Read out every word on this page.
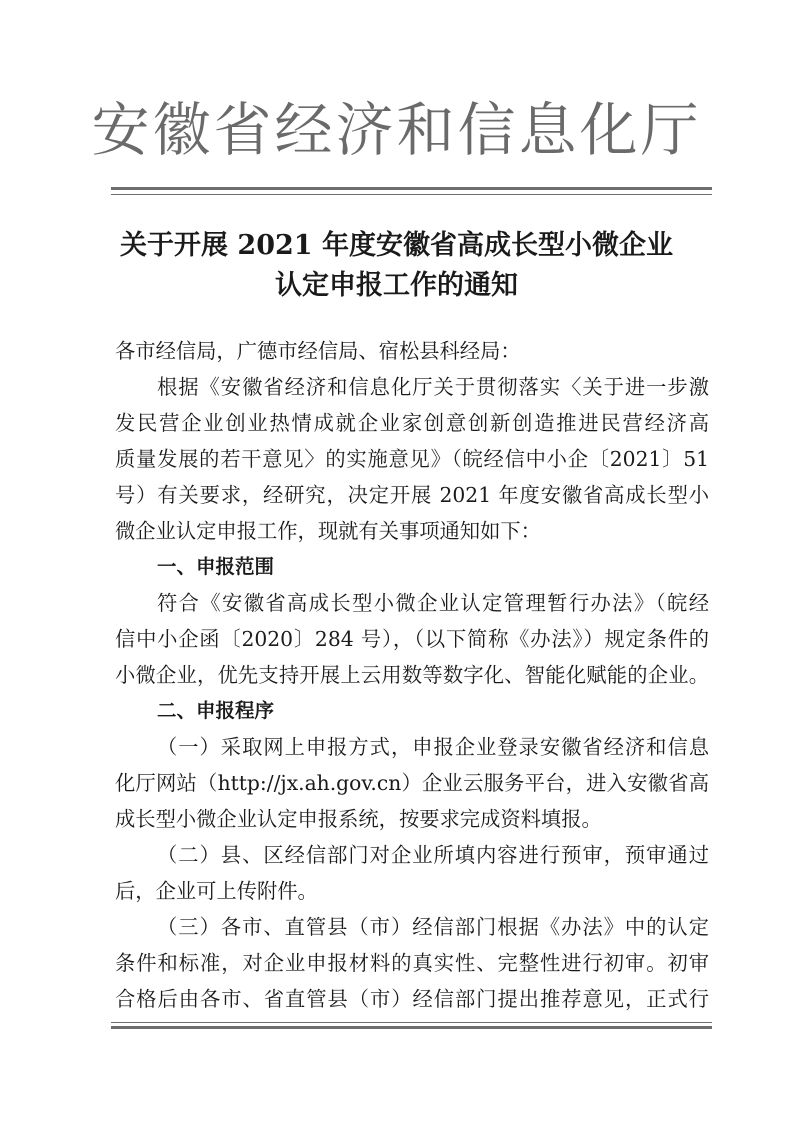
安徽省经济和信息化厅
关于开展 2021 年度安徽省高成长型小微企业
认定申报工作的通知
各市经信局，广德市经信局、宿松县科经局：
根据《安徽省经济和信息化厅关于贯彻落实〈关于进一步激
发民营企业创业热情成就企业家创意创新创造推进民营经济高
质量发展的若干意见〉的实施意见》（皖经信中小企〔2021〕51
号）有关要求，经研究，决定开展 2021 年度安徽省高成长型小
微企业认定申报工作，现就有关事项通知如下：
一、申报范围
符合《安徽省高成长型小微企业认定管理暂行办法》（皖经
信中小企函〔2020〕284 号），（以下简称《办法》）规定条件的
小微企业，优先支持开展上云用数等数字化、智能化赋能的企业。
二、申报程序
（一）采取网上申报方式，申报企业登录安徽省经济和信息
化厅网站（http://jx.ah.gov.cn）企业云服务平台，进入安徽省高
成长型小微企业认定申报系统，按要求完成资料填报。
（二）县、区经信部门对企业所填内容进行预审，预审通过
后，企业可上传附件。
（三）各市、直管县（市）经信部门根据《办法》中的认定
条件和标准，对企业申报材料的真实性、完整性进行初审。初审
合格后由各市、省直管县（市）经信部门提出推荐意见，正式行
